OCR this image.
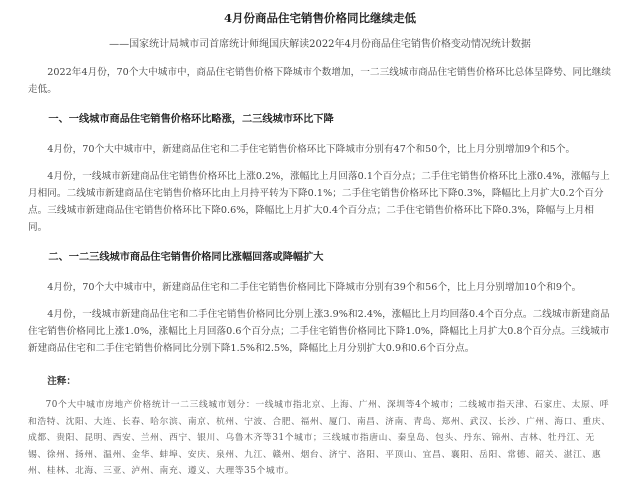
4月份商品住宅销售价格同比继续走低
——国家统计局城市司首席统计师绳国庆解读2022年4月份商品住宅销售价格变动情况统计数据

2022年4月份，70个大中城市中，商品住宅销售价格下降城市个数增加，一二三线城市商品住宅销售价格环比总体呈降势、同比继续走低。

一、一线城市商品住宅销售价格环比略涨，二三线城市环比下降

4月份，70个大中城市中，新建商品住宅和二手住宅销售价格环比下降城市分别有47个和50个，比上月分别增加9个和5个。

4月份，一线城市新建商品住宅销售价格环比上涨0.2%，涨幅比上月回落0.1个百分点；二手住宅销售价格环比上涨0.4%，涨幅与上月相同。二线城市新建商品住宅销售价格环比由上月持平转为下降0.1%；二手住宅销售价格环比下降0.3%，降幅比上月扩大0.2个百分点。三线城市新建商品住宅销售价格环比下降0.6%，降幅比上月扩大0.4个百分点；二手住宅销售价格环比下降0.3%，降幅与上月相同。

二、一二三线城市商品住宅销售价格同比涨幅回落或降幅扩大

4月份，70个大中城市中，新建商品住宅和二手住宅销售价格同比下降城市分别有39个和56个，比上月分别增加10个和9个。

4月份，一线城市新建商品住宅和二手住宅销售价格同比分别上涨3.9%和2.4%，涨幅比上月均回落0.4个百分点。二线城市新建商品住宅销售价格同比上涨1.0%，涨幅比上月回落0.6个百分点；二手住宅销售价格同比下降1.0%，降幅比上月扩大0.8个百分点。三线城市新建商品住宅和二手住宅销售价格同比分别下降1.5%和2.5%，降幅比上月分别扩大0.9和0.6个百分点。

注释：

70个大中城市房地产价格统计一二三线城市划分：一线城市指北京、上海、广州、深圳等4个城市；二线城市指天津、石家庄、太原、呼和浩特、沈阳、大连、长春、哈尔滨、南京、杭州、宁波、合肥、福州、厦门、南昌、济南、青岛、郑州、武汉、长沙、广州、海口、重庆、成都、贵阳、昆明、西安、兰州、西宁、银川、乌鲁木齐等31个城市；三线城市指唐山、秦皇岛、包头、丹东、锦州、吉林、牡丹江、无锡、徐州、扬州、温州、金华、蚌埠、安庆、泉州、九江、赣州、烟台、济宁、洛阳、平顶山、宜昌、襄阳、岳阳、常德、韶关、湛江、惠州、桂林、北海、三亚、泸州、南充、遵义、大理等35个城市。
